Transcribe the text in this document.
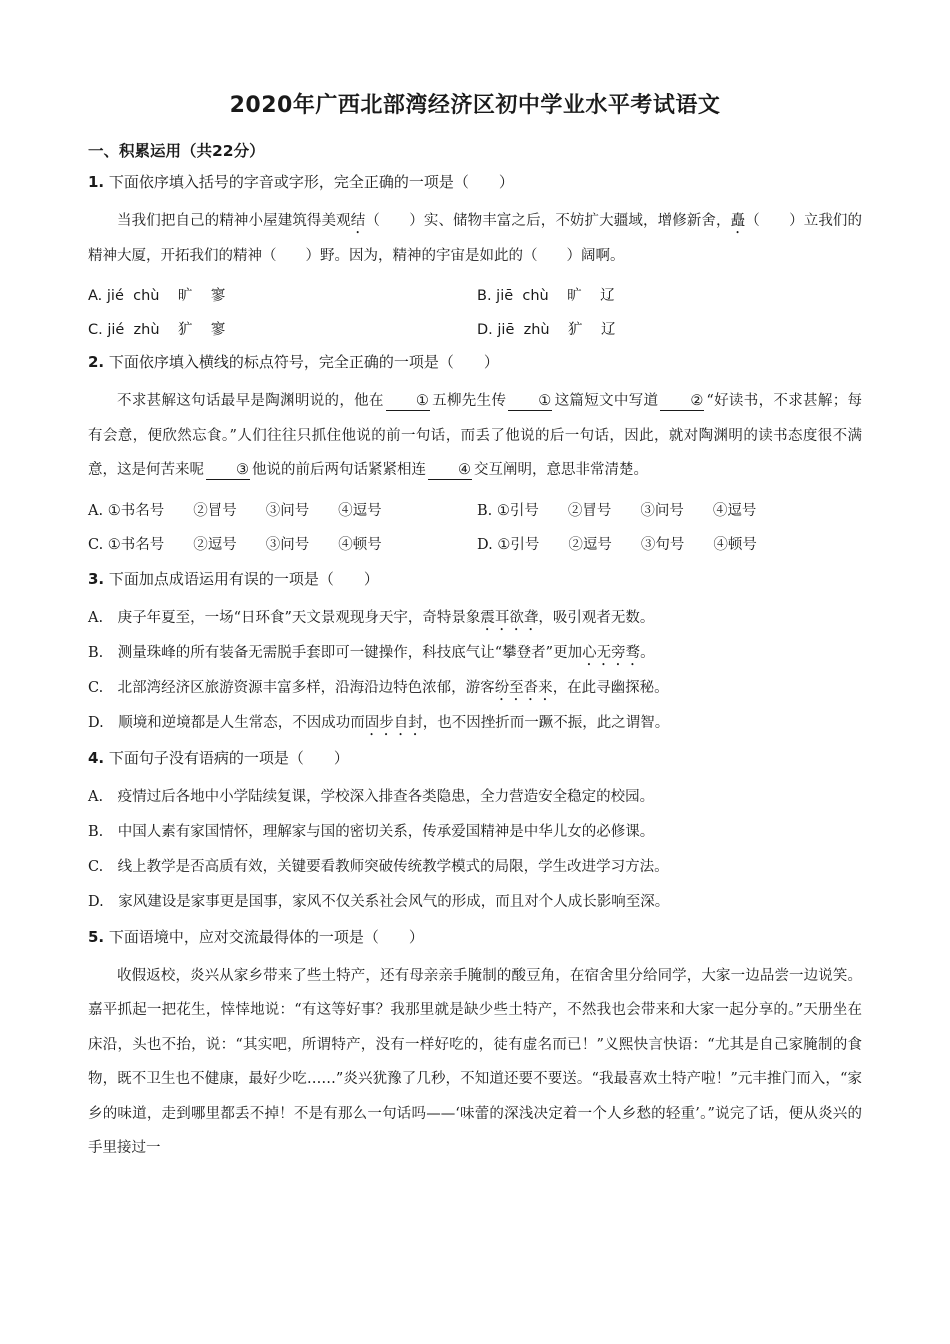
2020年广西北部湾经济区初中学业水平考试语文
一、积累运用（共22分）
1. 下面依序填入括号的字音或字形，完全正确的一项是（　　）
当我们把自己的精神小屋建筑得美观结（　　）实、储物丰富之后，不妨扩大疆域，增修新舍，矗（　　）立我们的精神大厦，开拓我们的精神（　　）野。因为，精神的宇宙是如此的（　　）阔啊。
A. jié chù 旷 寥	B. jiē chù 旷 辽
C. jié zhù 犷 寥	D. jiē zhù 犷 辽
2. 下面依序填入横线的标点符号，完全正确的一项是（　　）
不求甚解这句话最早是陶渊明说的，他在 ① 五柳先生传 ① 这篇短文中写道 ② “好读书，不求甚解；每有会意，便欣然忘食。”人们往往只抓住他说的前一句话，而丢了他说的后一句话，因此，就对陶渊明的读书态度很不满意，这是何苦来呢 ③ 他说的前后两句话紧紧相连 ④ 交互阐明，意思非常清楚。
A. ①书名号　　②冒号　　③问号　　④逗号	B. ①引号　　②冒号　　③问号　　④逗号
C. ①书名号　　②逗号　　③问号　　④顿号	D. ①引号　　②逗号　　③句号　　④顿号
3. 下面加点成语运用有误的一项是（　　）
A.　庚子年夏至，一场“日环食”天文景观现身天宇，奇特景象震耳欲聋，吸引观者无数。
B.　测量珠峰的所有装备无需脱手套即可一键操作，科技底气让“攀登者”更加心无旁骛。
C.　北部湾经济区旅游资源丰富多样，沿海沿边特色浓郁，游客纷至沓来，在此寻幽探秘。
D.　顺境和逆境都是人生常态，不因成功而固步自封，也不因挫折而一蹶不振，此之谓智。
4. 下面句子没有语病的一项是（　　）
A.　疫情过后各地中小学陆续复课，学校深入排查各类隐患，全力营造安全稳定的校园。
B.　中国人素有家国情怀，理解家与国的密切关系，传承爱国精神是中华儿女的必修课。
C.　线上教学是否高质有效，关键要看教师突破传统教学模式的局限，学生改进学习方法。
D.　家风建设是家事更是国事，家风不仅关系社会风气的形成，而且对个人成长影响至深。
5. 下面语境中，应对交流最得体的一项是（　　）
收假返校，炎兴从家乡带来了些土特产，还有母亲亲手腌制的酸豆角，在宿舍里分给同学，大家一边品尝一边说笑。嘉平抓起一把花生，悻悻地说：“有这等好事？我那里就是缺少些土特产，不然我也会带来和大家一起分享的。”天册坐在床沿，头也不抬，说：“其实吧，所谓特产，没有一样好吃的，徒有虚名而已！”义熙快言快语：“尤其是自己家腌制的食物，既不卫生也不健康，最好少吃……”炎兴犹豫了几秒，不知道还要不要送。“我最喜欢土特产啦！”元丰推门而入，“家乡的味道，走到哪里都丢不掉！不是有那么一句话吗——‘味蕾的深浅决定着一个人乡愁的轻重’。”说完了话，便从炎兴的手里接过一
